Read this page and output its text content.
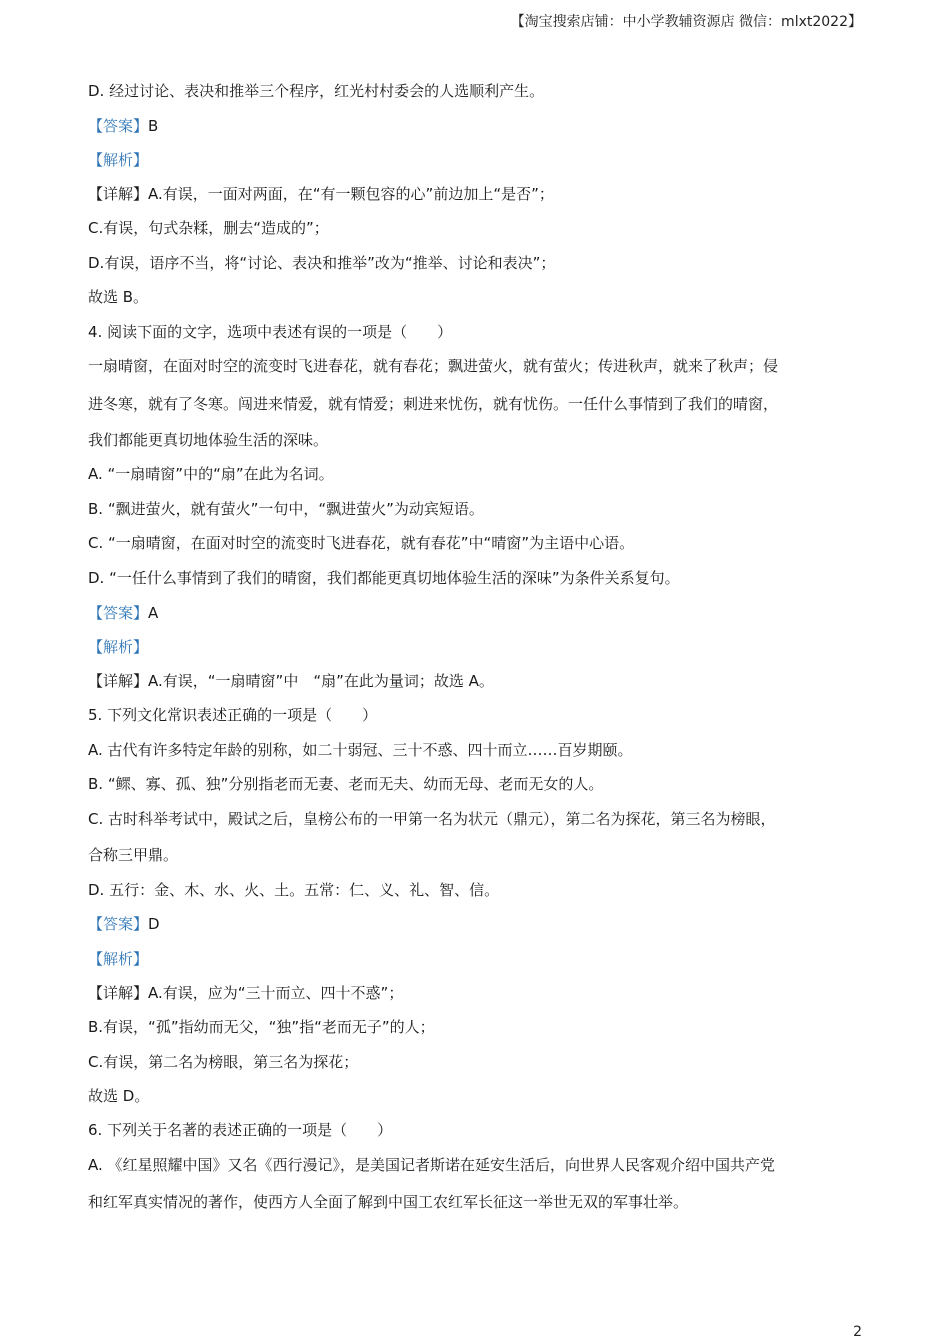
【淘宝搜索店铺：中小学教辅资源店 微信：mlxt2022】
D. 经过讨论、表决和推举三个程序，红光村村委会的人选顺利产生。
【答案】B
【解析】
【详解】A.有误，一面对两面，在“有一颗包容的心”前边加上“是否”；
C.有误，句式杂糅，删去“造成的”；
D.有误，语序不当，将“讨论、表决和推举”改为“推举、讨论和表决”；
故选 B。
4. 阅读下面的文字，选项中表述有误的一项是（　　）
一扇晴窗，在面对时空的流变时飞进春花，就有春花；飘进萤火，就有萤火；传进秋声，就来了秋声；侵
进冬寒，就有了冬寒。闯进来情爱，就有情爱；刺进来忧伤，就有忧伤。一任什么事情到了我们的晴窗，
我们都能更真切地体验生活的深味。
A. “一扇晴窗”中的“扇”在此为名词。
B. “飘进萤火，就有萤火”一句中，“飘进萤火”为动宾短语。
C. “一扇晴窗，在面对时空的流变时飞进春花，就有春花”中“晴窗”为主语中心语。
D. “一任什么事情到了我们的晴窗，我们都能更真切地体验生活的深味”为条件关系复句。
【答案】A
【解析】
【详解】A.有误，“一扇晴窗”中　“扇”在此为量词；故选 A。
5. 下列文化常识表述正确的一项是（　　）
A. 古代有许多特定年龄的别称，如二十弱冠、三十不惑、四十而立……百岁期颐。
B. “鳏、寡、孤、独”分别指老而无妻、老而无夫、幼而无母、老而无女的人。
C. 古时科举考试中，殿试之后，皇榜公布的一甲第一名为状元（鼎元），第二名为探花，第三名为榜眼，
合称三甲鼎。
D. 五行：金、木、水、火、土。五常：仁、义、礼、智、信。
【答案】D
【解析】
【详解】A.有误，应为“三十而立、四十不惑”；
B.有误，“孤”指幼而无父，“独”指“老而无子”的人；
C.有误，第二名为榜眼，第三名为探花；
故选 D。
6. 下列关于名著的表述正确的一项是（　　）
A. 《红星照耀中国》又名《西行漫记》，是美国记者斯诺在延安生活后，向世界人民客观介绍中国共产党
和红军真实情况的著作，使西方人全面了解到中国工农红军长征这一举世无双的军事壮举。
2
